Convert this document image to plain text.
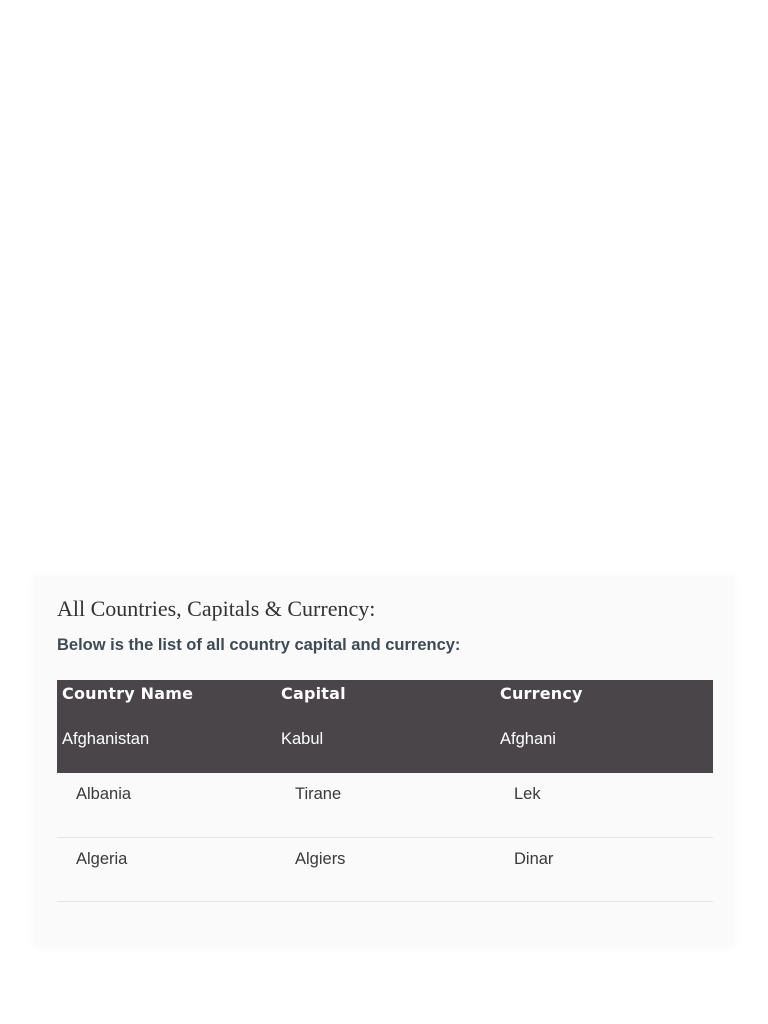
All Countries, Capitals & Currency:

Below is the list of all country capital and currency:

Country Name	Capital	Currency
Afghanistan	Kabul	Afghani
Albania	Tirane	Lek
Algeria	Algiers	Dinar
